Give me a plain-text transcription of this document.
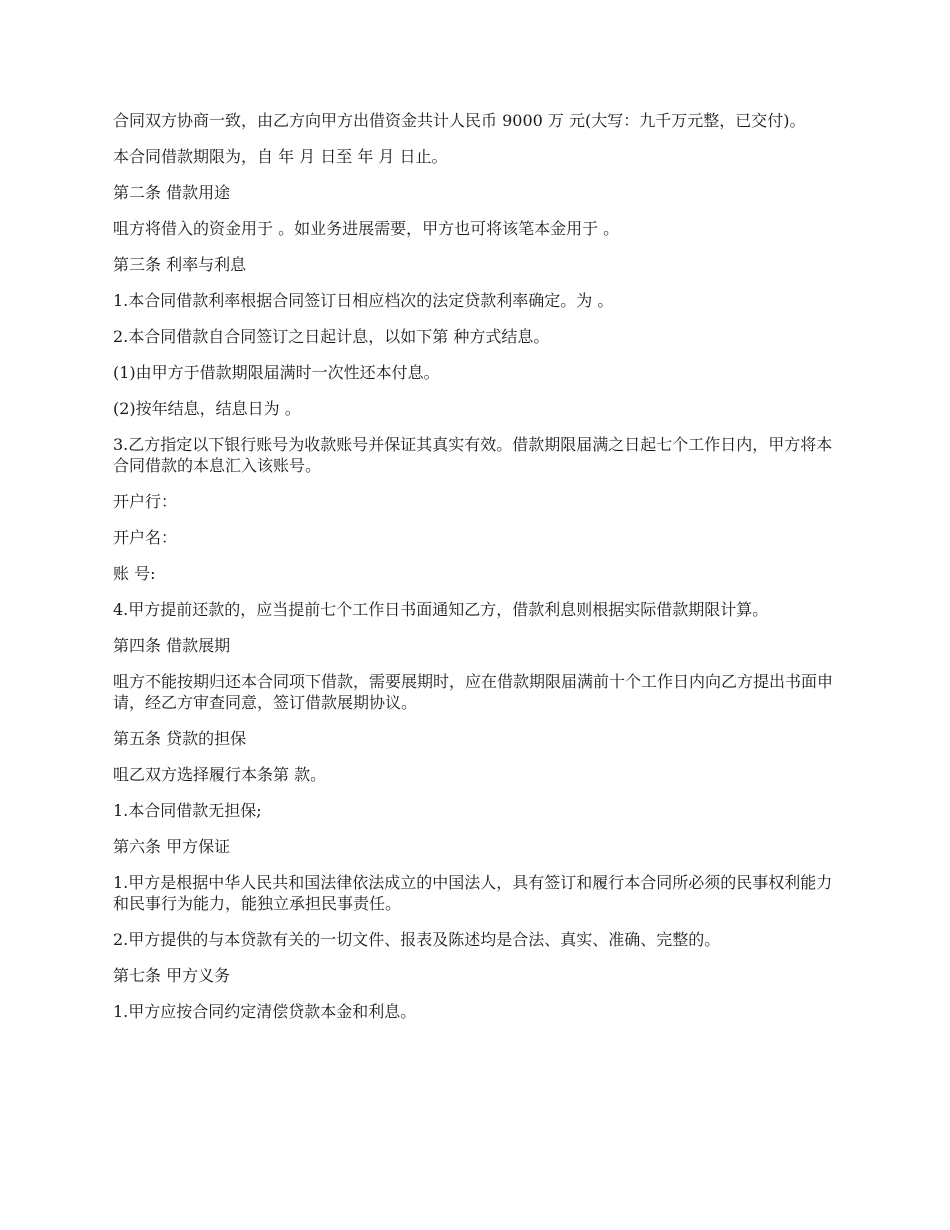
合同双方协商一致，由乙方向甲方出借资金共计人民币 9000 万 元(大写：九千万元整，已交付)。

本合同借款期限为，自 年 月 日至 年 月 日止。

第二条 借款用途

咀方将借入的资金用于 。如业务进展需要，甲方也可将该笔本金用于 。

第三条 利率与利息

1.本合同借款利率根据合同签订日相应档次的法定贷款利率确定。为 。

2.本合同借款自合同签订之日起计息，以如下第 种方式结息。

(1)由甲方于借款期限届满时一次性还本付息。

(2)按年结息，结息日为 。

3.乙方指定以下银行账号为收款账号并保证其真实有效。借款期限届满之日起七个工作日内，甲方将本合同借款的本息汇入该账号。

开户行：

开户名：

账 号:

4.甲方提前还款的，应当提前七个工作日书面通知乙方，借款利息则根据实际借款期限计算。

第四条 借款展期

咀方不能按期归还本合同项下借款，需要展期时，应在借款期限届满前十个工作日内向乙方提出书面申请，经乙方审查同意，签订借款展期协议。

第五条 贷款的担保

咀乙双方选择履行本条第 款。

1.本合同借款无担保;

第六条 甲方保证

1.甲方是根据中华人民共和国法律依法成立的中国法人，具有签订和履行本合同所必须的民事权利能力和民事行为能力，能独立承担民事责任。

2.甲方提供的与本贷款有关的一切文件、报表及陈述均是合法、真实、准确、完整的。

第七条 甲方义务

1.甲方应按合同约定清偿贷款本金和利息。
